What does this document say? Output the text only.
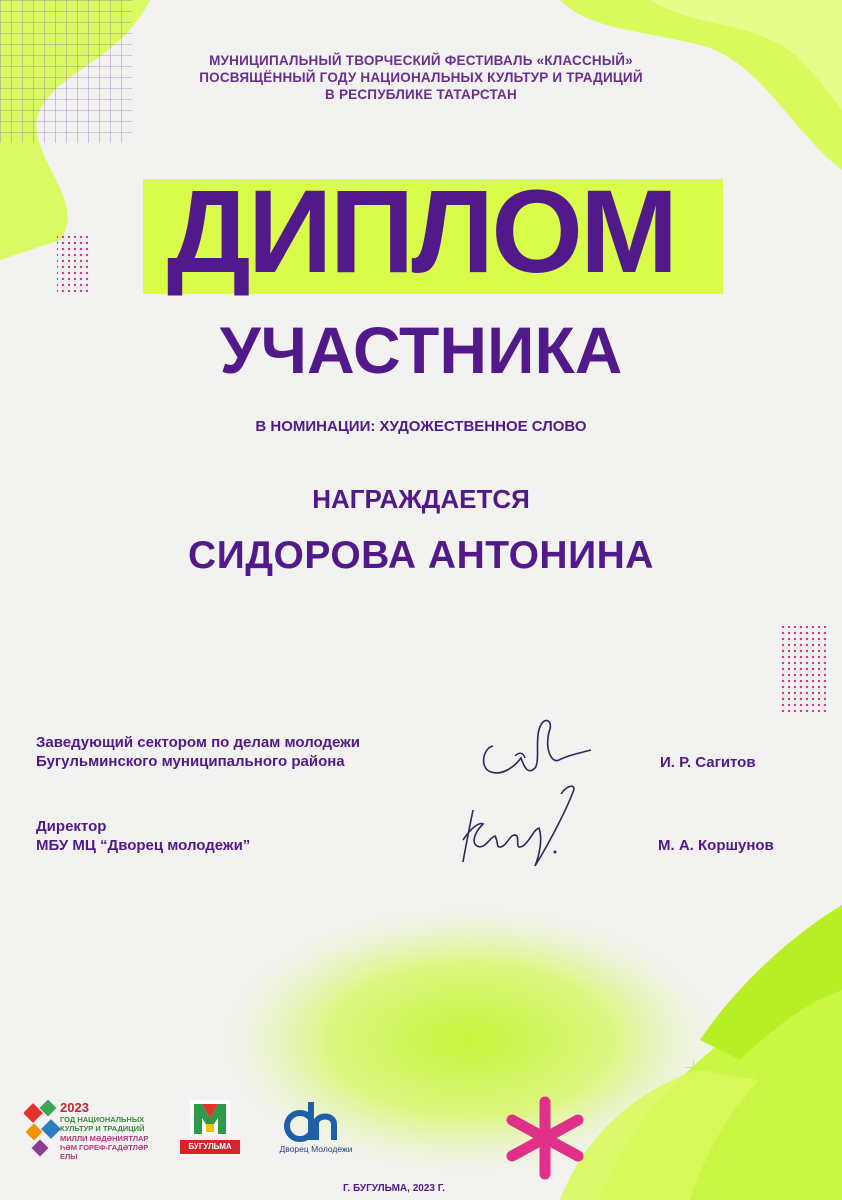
МУНИЦИПАЛЬНЫЙ ТВОРЧЕСКИЙ ФЕСТИВАЛЬ «КЛАССНЫЙ»
ПОСВЯЩЁННЫЙ ГОДУ НАЦИОНАЛЬНЫХ КУЛЬТУР И ТРАДИЦИЙ
В РЕСПУБЛИКЕ ТАТАРСТАН
ДИПЛОМ
УЧАСТНИКА
В НОМИНАЦИИ: ХУДОЖЕСТВЕННОЕ СЛОВО
НАГРАЖДАЕТСЯ
СИДОРОВА АНТОНИНА
Заведующий сектором по делам молодежи
Бугульминского муниципального района	И. Р. Сагитов
Директор
МБУ МЦ “Дворец молодежи”	М. А. Коршунов
2023
ГОД НАЦИОНАЛЬНЫХ
КУЛЬТУР И ТРАДИЦИЙ
МИЛЛИ МӘДӘНИЯТЛАР
ҺӘМ ГОРЕФ-ГАДӘТЛӘР ЕЛЫ
БУГУЛЬМА	Дворец Молодежи
Г. БУГУЛЬМА, 2023 Г.
